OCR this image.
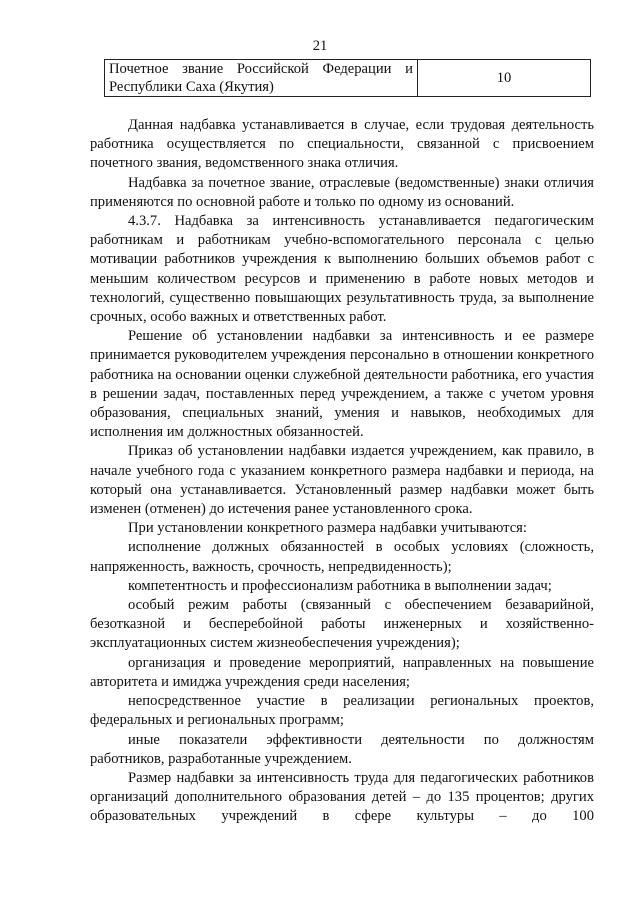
21
Почетное звание Российской Федерации и Республики Саха (Якутия)	10

Данная надбавка устанавливается в случае, если трудовая деятельность работника осуществляется по специальности, связанной с присвоением почетного звания, ведомственного знака отличия.

Надбавка за почетное звание, отраслевые (ведомственные) знаки отличия применяются по основной работе и только по одному из оснований.

4.3.7. Надбавка за интенсивность устанавливается педагогическим работникам и работникам учебно-вспомогательного персонала с целью мотивации работников учреждения к выполнению больших объемов работ с меньшим количеством ресурсов и применению в работе новых методов и технологий, существенно повышающих результативность труда, за выполнение срочных, особо важных и ответственных работ.

Решение об установлении надбавки за интенсивность и ее размере принимается руководителем учреждения персонально в отношении конкретного работника на основании оценки служебной деятельности работника, его участия в решении задач, поставленных перед учреждением, а также с учетом уровня образования, специальных знаний, умения и навыков, необходимых для исполнения им должностных обязанностей.

Приказ об установлении надбавки издается учреждением, как правило, в начале учебного года с указанием конкретного размера надбавки и периода, на который она устанавливается. Установленный размер надбавки может быть изменен (отменен) до истечения ранее установленного срока.

При установлении конкретного размера надбавки учитываются:

исполнение должных обязанностей в особых условиях (сложность, напряженность, важность, срочность, непредвиденность);

компетентность и профессионализм работника в выполнении задач;

особый режим работы (связанный с обеспечением безаварийной, безотказной и бесперебойной работы инженерных и хозяйственно-эксплуатационных систем жизнеобеспечения учреждения);

организация и проведение мероприятий, направленных на повышение авторитета и имиджа учреждения среди населения;

непосредственное участие в реализации региональных проектов, федеральных и региональных программ;

иные показатели эффективности деятельности по должностям работников, разработанные учреждением.

Размер надбавки за интенсивность труда для педагогических работников организаций дополнительного образования детей – до 135 процентов; других образовательных учреждений в сфере культуры – до 100
